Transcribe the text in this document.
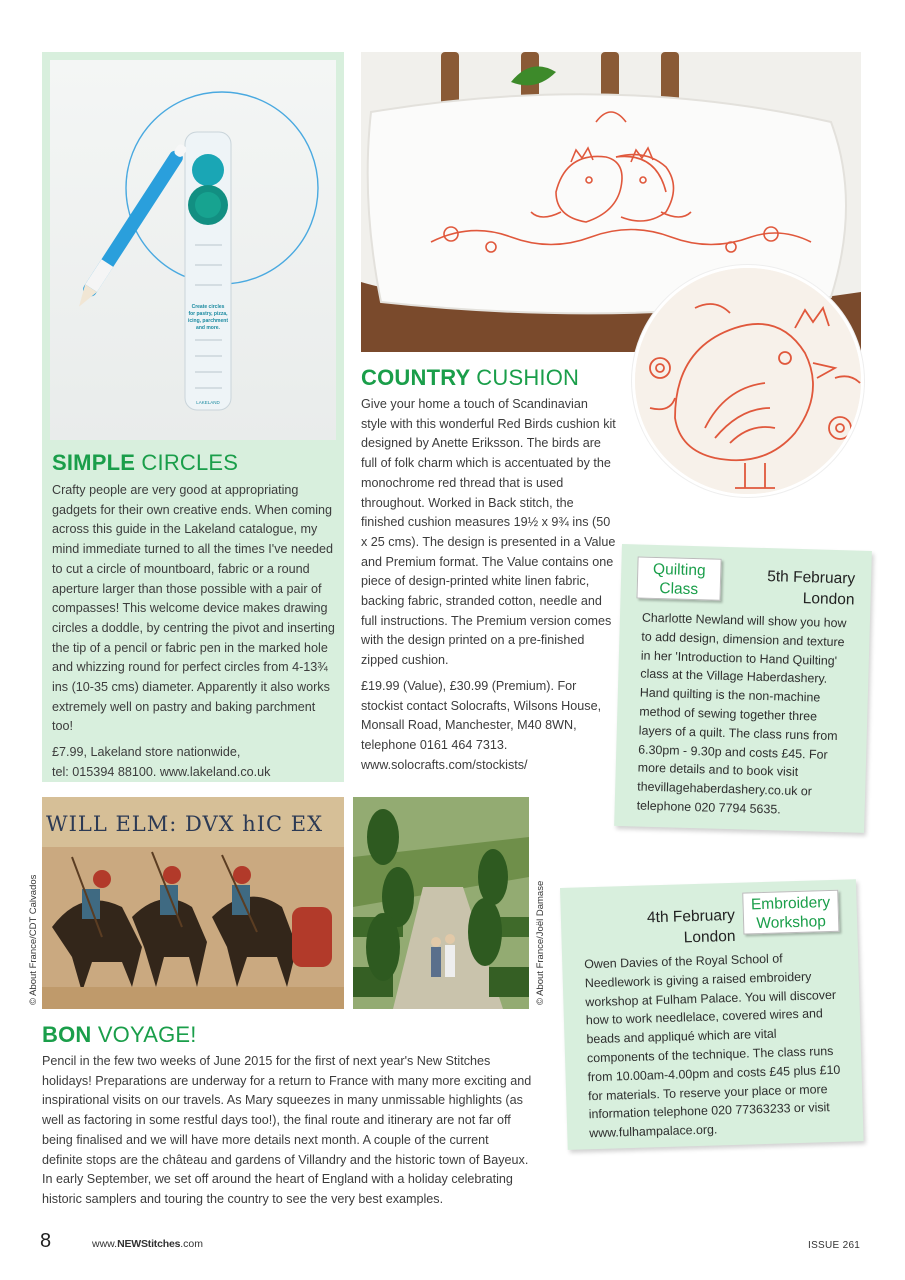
Create circles
for pastry, pizza,
icing, parchment
and more.
LAKELAND
SIMPLE CIRCLES

Crafty people are very good at appropriating gadgets for their own creative ends. When coming across this guide in the Lakeland catalogue, my mind immediate turned to all the times I've needed to cut a circle of mountboard, fabric or a round aperture larger than those possible with a pair of compasses! This welcome device makes drawing circles a doddle, by centring the pivot and inserting the tip of a pencil or fabric pen in the marked hole and whizzing round for perfect circles from 4-13¾ ins (10-35 cms) diameter. Apparently it also works extremely well on pastry and baking parchment too!

£7.99, Lakeland store nationwide,

tel: 015394 88100. www.lakeland.co.uk

COUNTRY CUSHION

Give your home a touch of Scandinavian style with this wonderful Red Birds cushion kit designed by Anette Eriksson. The birds are full of folk charm which is accentuated by the monochrome red thread that is used throughout. Worked in Back stitch, the finished cushion measures 19½ x 9¾ ins (50 x 25 cms). The design is presented in a Value and Premium format. The Value contains one piece of design-printed white linen fabric, backing fabric, stranded cotton, needle and full instructions. The Premium version comes with the design printed on a pre-finished zipped cushion.

£19.99 (Value), £30.99 (Premium). For stockist contact Solocrafts, Wilsons House, Monsall Road, Manchester, M40 8WN, telephone 0161 464 7313. www.solocrafts.com/stockists/

Quilting
Class
5th February
London

Charlotte Newland will show you how to add design, dimension and texture in her 'Introduction to Hand Quilting' class at the Village Haberdashery. Hand quilting is the non-machine method of sewing together three layers of a quilt. The class runs from 6.30pm - 9.30p and costs £45. For more details and to book visit thevillagehaberdashery.co.uk or telephone 020 7794 5635.

4th February
London
Embroidery
Workshop

Owen Davies of the Royal School of Needlework is giving a raised embroidery workshop at Fulham Palace. You will discover how to work needlelace, covered wires and beads and appliqué which are vital components of the technique. The class runs from 10.00am-4.00pm and costs £45 plus £10 for materials. To reserve your place or more information telephone 020 77363233 or visit www.fulhampalace.org.

WILL ELM: DVX hIC EX
© About France/CDT Calvados	© About France/Joël Damase
BON VOYAGE!

Pencil in the few two weeks of June 2015 for the first of next year's New Stitches holidays! Preparations are underway for a return to France with many more exciting and inspirational visits on our travels. As Mary squeezes in many unmissable highlights (as well as factoring in some restful days too!), the final route and itinerary are not far off being finalised and we will have more details next month. A couple of the current definite stops are the château and gardens of Villandry and the historic town of Bayeux. In early September, we set off around the heart of England with a holiday celebrating historic samplers and touring the country to see the very best examples.

8	www.NEWStitches.com	ISSUE 261
